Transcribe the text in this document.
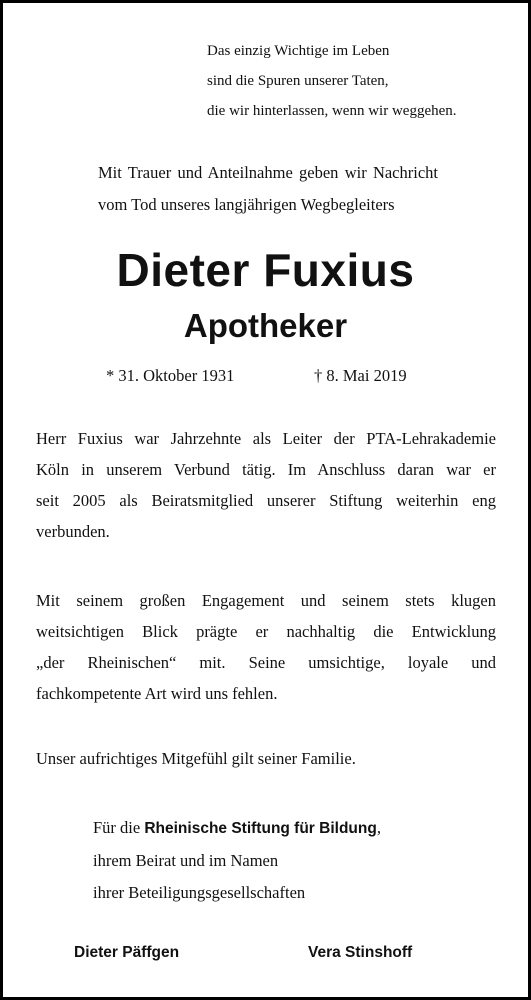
Das einzig Wichtige im Leben
sind die Spuren unserer Taten,
die wir hinterlassen, wenn wir weggehen.
Mit Trauer und Anteilnahme geben wir Nachricht
vom Tod unseres langjährigen Wegbegleiters
Dieter Fuxius
Apotheker
* 31. Oktober 1931	† 8. Mai 2019
Herr Fuxius war Jahrzehnte als Leiter der PTA-Lehrakademie
Köln in unserem Verbund tätig. Im Anschluss daran war er
seit 2005 als Beiratsmitglied unserer Stiftung weiterhin eng
verbunden.
Mit seinem großen Engagement und seinem stets klugen
weitsichtigen Blick prägte er nachhaltig die Entwicklung
„der Rheinischen“ mit. Seine umsichtige, loyale und
fachkompetente Art wird uns fehlen.
Unser aufrichtiges Mitgefühl gilt seiner Familie.
Für die Rheinische Stiftung für Bildung,
ihrem Beirat und im Namen
ihrer Beteiligungsgesellschaften
Dieter Päffgen	Vera Stinshoff
